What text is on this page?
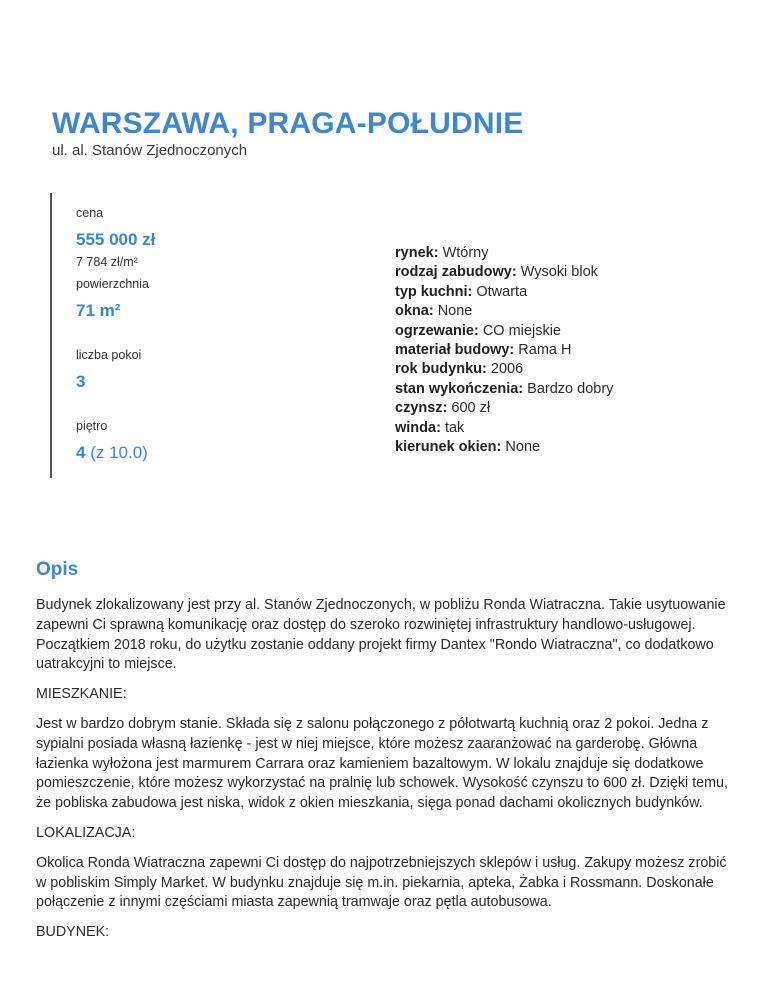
WARSZAWA, PRAGA-POŁUDNIE

ul. al. Stanów Zjednoczonych

cena
555 000 zł
7 784 zł/m²
powierzchnia
71 m²
liczba pokoi
3
piętro
4 (z 10.0)
rynek: Wtórny
rodzaj zabudowy: Wysoki blok
typ kuchni: Otwarta
okna: None
ogrzewanie: CO miejskie
materiał budowy: Rama H
rok budynku: 2006
stan wykończenia: Bardzo dobry
czynsz: 600 zł
winda: tak
kierunek okien: None
Opis

Budynek zlokalizowany jest przy al. Stanów Zjednoczonych, w pobliżu Ronda Wiatraczna. Takie usytuowanie zapewni Ci sprawną komunikację oraz dostęp do szeroko rozwiniętej infrastruktury handlowo-usługowej. Początkiem 2018 roku, do użytku zostanie oddany projekt firmy Dantex "Rondo Wiatraczna", co dodatkowo uatrakcyjni to miejsce.

MIESZKANIE:

Jest w bardzo dobrym stanie. Składa się z salonu połączonego z półotwartą kuchnią oraz 2 pokoi. Jedna z sypialni posiada własną łazienkę - jest w niej miejsce, które możesz zaaranżować na garderobę. Główna łazienka wyłożona jest marmurem Carrara oraz kamieniem bazaltowym. W lokalu znajduje się dodatkowe pomieszczenie, które możesz wykorzystać na pralnię lub schowek. Wysokość czynszu to 600 zł. Dzięki temu, że pobliska zabudowa jest niska, widok z okien mieszkania, sięga ponad dachami okolicznych budynków.

LOKALIZACJA:

Okolica Ronda Wiatraczna zapewni Ci dostęp do najpotrzebniejszych sklepów i usług. Zakupy możesz zrobić w pobliskim Simply Market. W budynku znajduje się m.in. piekarnia, apteka, Żabka i Rossmann. Doskonałe połączenie z innymi częściami miasta zapewnią tramwaje oraz pętla autobusowa.

BUDYNEK:
